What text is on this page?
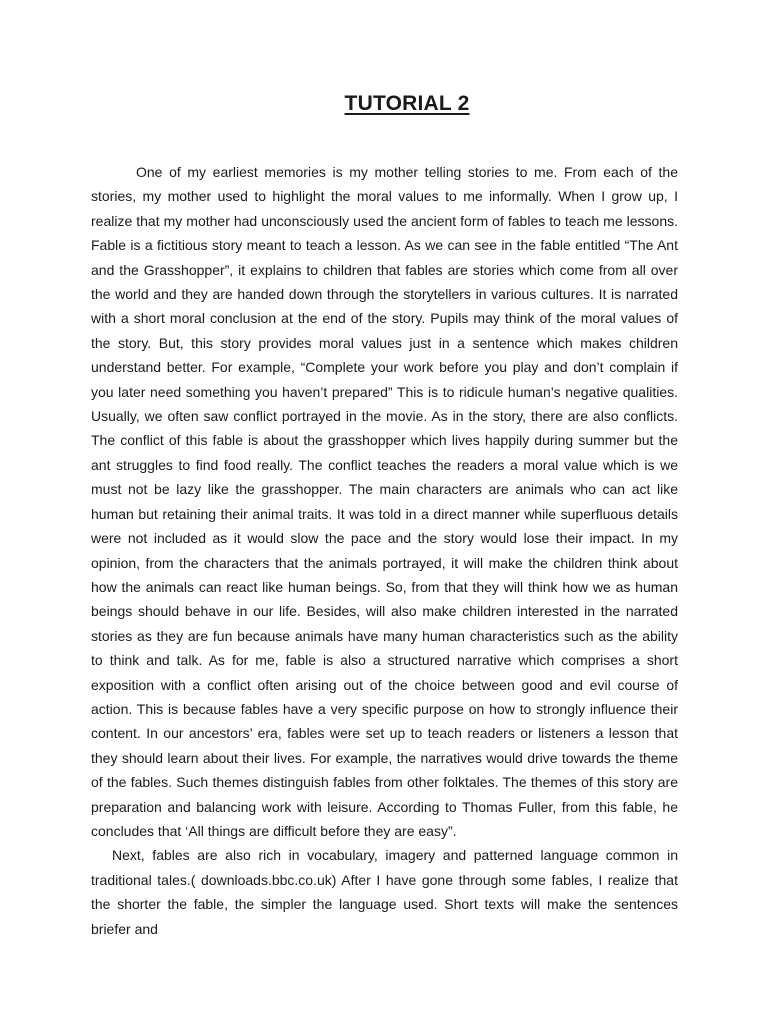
TUTORIAL 2

One of my earliest memories is my mother telling stories to me. From each of the stories, my mother used to highlight the moral values to me informally. When I grow up, I realize that my mother had unconsciously used the ancient form of fables to teach me lessons. Fable is a fictitious story meant to teach a lesson. As we can see in the fable entitled “The Ant and the Grasshopper”, it explains to children that fables are stories which come from all over the world and they are handed down through the storytellers in various cultures. It is narrated with a short moral conclusion at the end of the story. Pupils may think of the moral values of the story. But, this story provides moral values just in a sentence which makes children understand better. For example, “Complete your work before you play and don’t complain if you later need something you haven’t prepared” This is to ridicule human’s negative qualities. Usually, we often saw conflict portrayed in the movie. As in the story, there are also conflicts. The conflict of this fable is about the grasshopper which lives happily during summer but the ant struggles to find food really. The conflict teaches the readers a moral value which is we must not be lazy like the grasshopper. The main characters are animals who can act like human but retaining their animal traits. It was told in a direct manner while superfluous details were not included as it would slow the pace and the story would lose their impact. In my opinion, from the characters that the animals portrayed, it will make the children think about how the animals can react like human beings. So, from that they will think how we as human beings should behave in our life. Besides, will also make children interested in the narrated stories as they are fun because animals have many human characteristics such as the ability to think and talk. As for me, fable is also a structured narrative which comprises a short exposition with a conflict often arising out of the choice between good and evil course of action. This is because fables have a very specific purpose on how to strongly influence their content. In our ancestors’ era, fables were set up to teach readers or listeners a lesson that they should learn about their lives. For example, the narratives would drive towards the theme of the fables. Such themes distinguish fables from other folktales. The themes of this story are preparation and balancing work with leisure. According to Thomas Fuller, from this fable, he concludes that ‘All things are difficult before they are easy”.

Next, fables are also rich in vocabulary, imagery and patterned language common in traditional tales.( downloads.bbc.co.uk) After I have gone through some fables, I realize that the shorter the fable, the simpler the language used. Short texts will make the sentences briefer and
